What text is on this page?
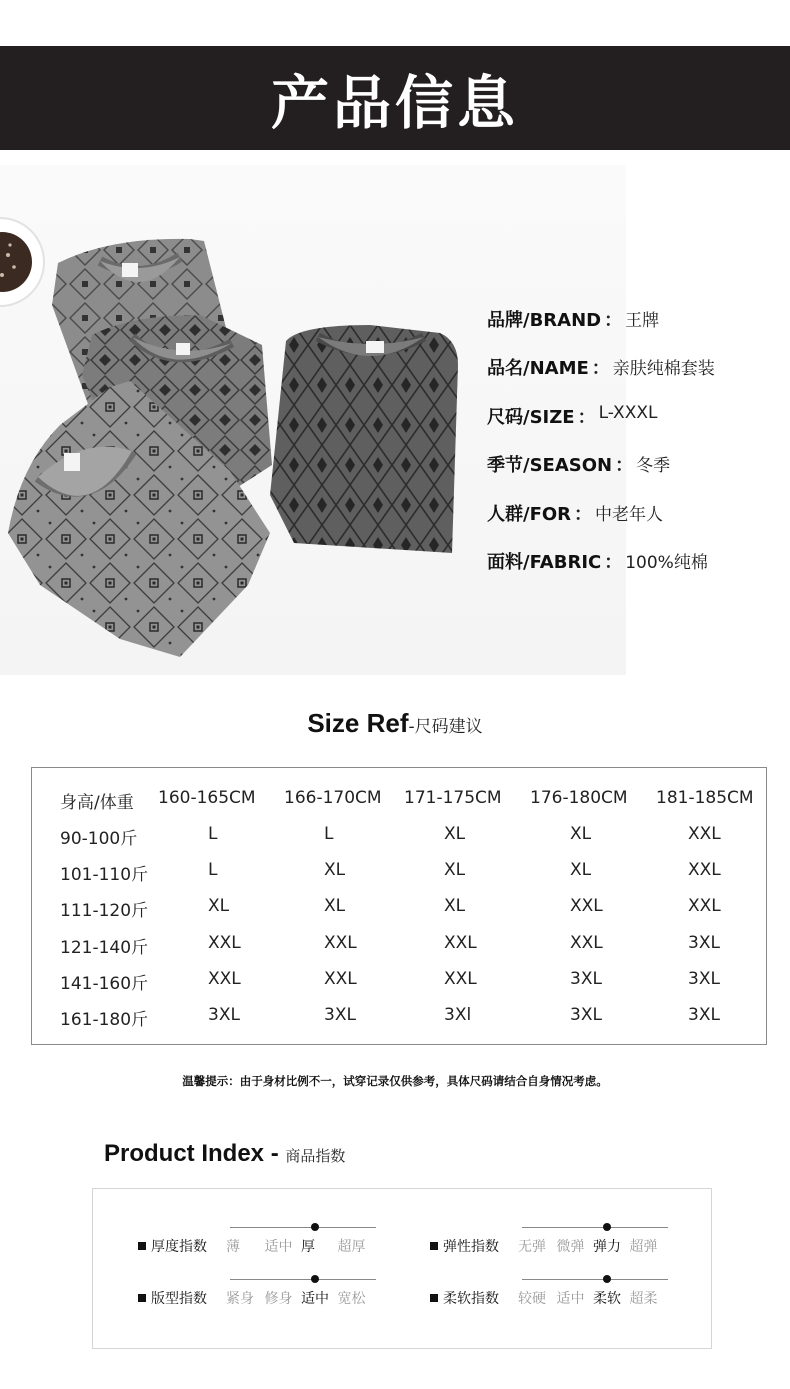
产品信息
品牌/BRAND ： 王牌
品名/NAME ： 亲肤纯棉套装
尺码/SIZE ： L-XXXL
季节/SEASON ： 冬季
人群/FOR ： 中老年人
面料/FABRIC ： 100%纯棉
Size Ref-尺码建议
身高/体重 160-165CM 166-170CM 171-175CM 176-180CM 181-185CM
90-100斤	L	L	XL	XL	XXL
101-110斤	L	XL	XL	XL	XXL
111-120斤	XL	XL	XL	XXL	XXL
121-140斤	XXL	XXL	XXL	XXL	3XL
141-160斤	XXL	XXL	XXL	3XL	3XL
161-180斤	3XL	3XL	3Xl	3XL	3XL
温馨提示：由于身材比例不一，试穿记录仅供参考，具体尺码请结合自身情况考虑。
Product Index - 商品指数
厚度指数 薄 适中 厚 超厚	弹性指数 无弹 微弹 弹力 超弹
版型指数 紧身 修身 适中 宽松	柔软指数 较硬 适中 柔软 超柔
